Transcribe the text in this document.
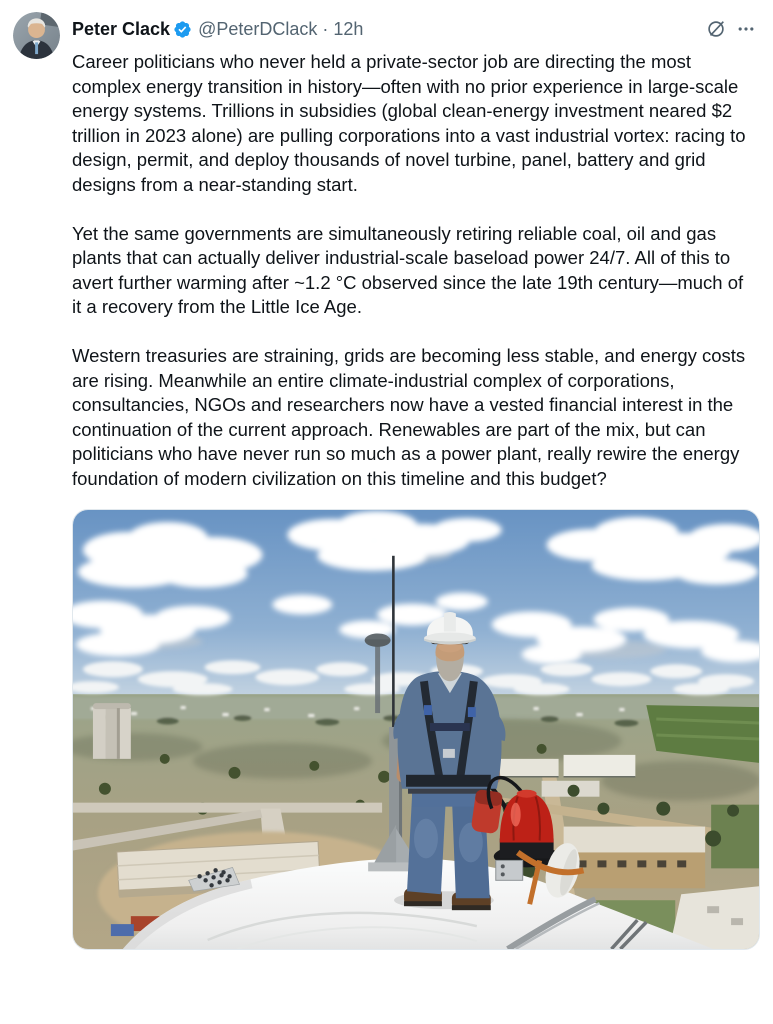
Peter Clack @PeterDClack · 12h

Career politicians who never held a private-sector job are directing the most complex energy transition in history—often with no prior experience in large-scale energy systems. Trillions in subsidies (global clean-energy investment neared $2 trillion in 2023 alone) are pulling corporations into a vast industrial vortex: racing to design, permit, and deploy thousands of novel turbine, panel, battery and grid designs from a near-standing start.

Yet the same governments are simultaneously retiring reliable coal, oil and gas plants that can actually deliver industrial-scale baseload power 24/7. All of this to avert further warming after ~1.2 °C observed since the late 19th century—much of it a recovery from the Little Ice Age.

Western treasuries are straining, grids are becoming less stable, and energy costs are rising. Meanwhile an entire climate-industrial complex of corporations, consultancies, NGOs and researchers now have a vested financial interest in the continuation of the current approach. Renewables are part of the mix, but can politicians who have never run so much as a power plant, really rewire the energy foundation of modern civilization on this timeline and this budget?
